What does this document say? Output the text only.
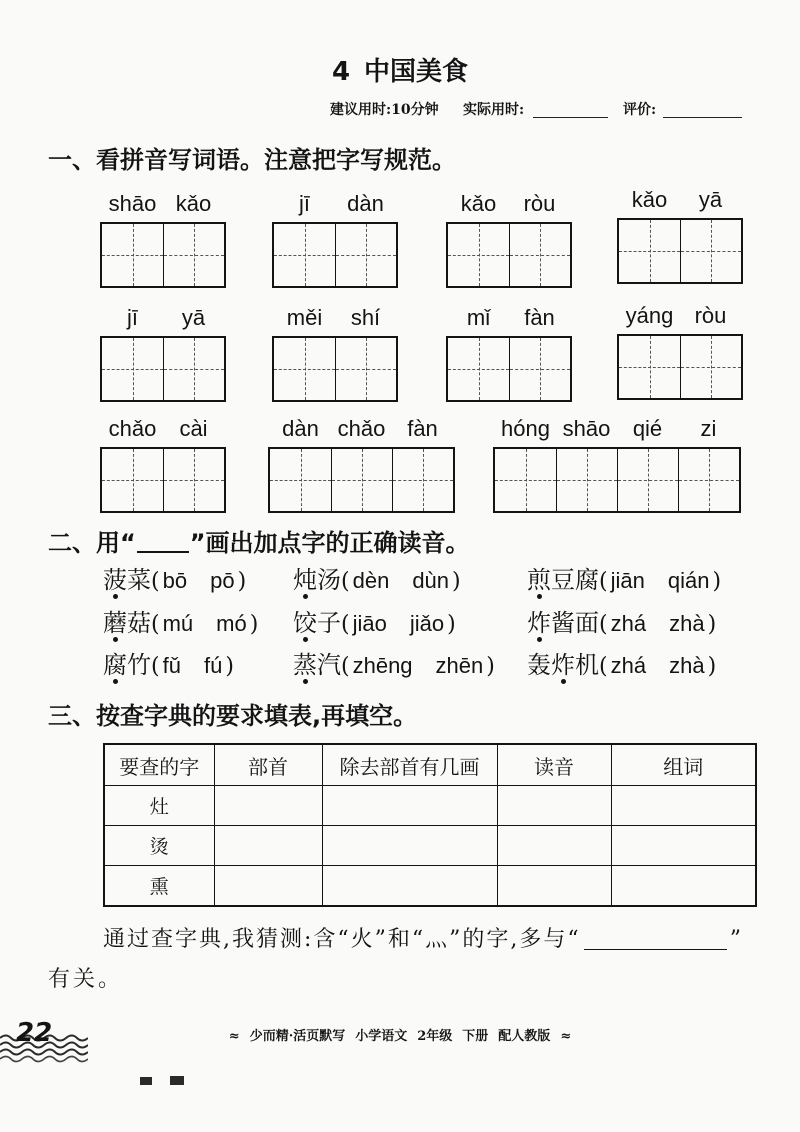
4 中国美食
建议用时:10分钟 实际用时:	评价:
一、看拼音写词语。注意把字写规范。
shāo kǎo	jī	dàn	kǎo	ròu	kǎo	yā
jī	yā	měi	shí	mǐ	fàn	yáng ròu
chǎo	cài	dàn chǎo fàn	hóng shāo	qié	zi
二、用“ ”画出加点字的正确读音。
菠菜( bō pō ) 炖汤( dèn dùn )	煎豆腐( jiān qián )
蘑菇( mú mó ) 饺子( jiāo jiǎo )	炸酱面( zhá zhà )
腐竹( fǔ fú ) 蒸汽( zhēng zhēn ) 轰炸机( zhá zhà )
三、按查字典的要求填表,再填空。
要查的字	部首	除去部首有几画	读音	组词
灶				
烫				
熏				
通过查字典,我猜测:含“火”和“灬”的字,多与“	”
有关。
22	≈ 少而精·活页默写 小学语文 2年级 下册 配人教版 ≈
